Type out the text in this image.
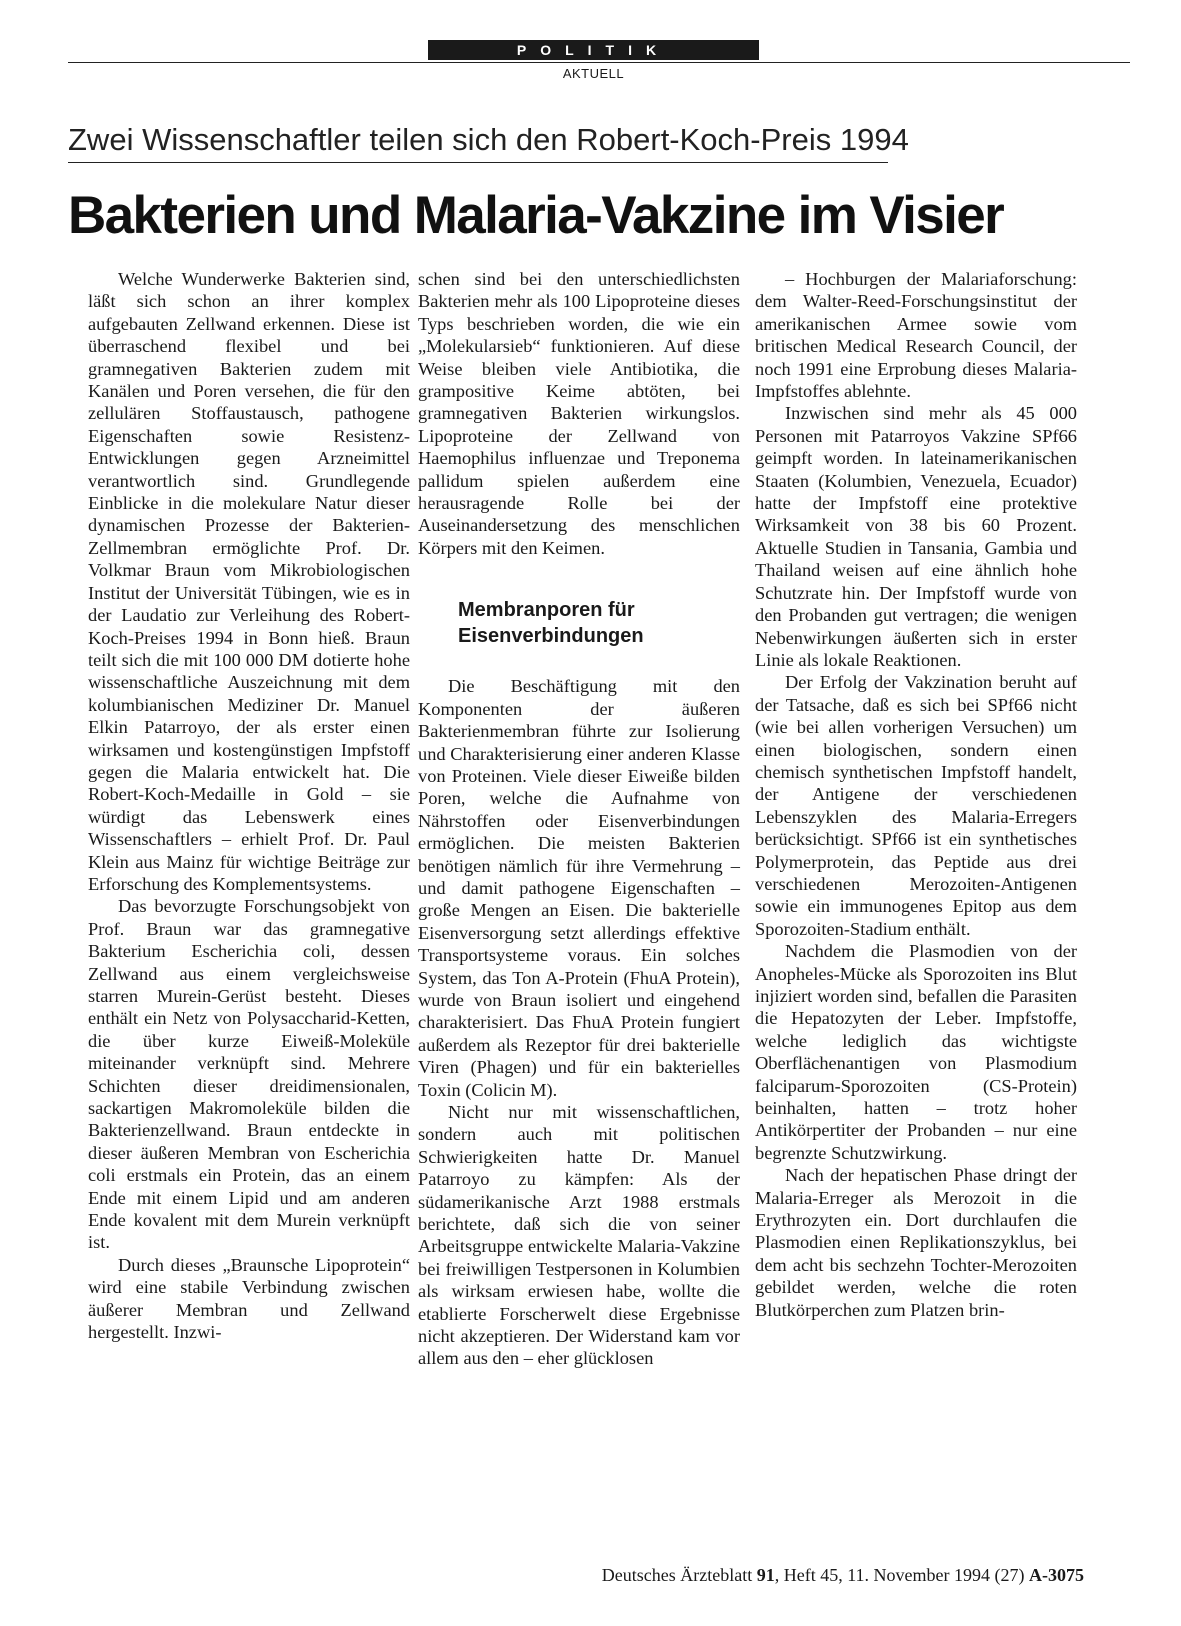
POLITIK
AKTUELL
Zwei Wissenschaftler teilen sich den Robert-Koch-Preis 1994
Bakterien und Malaria-Vakzine im Visier

Welche Wunderwerke Bakterien sind, läßt sich schon an ihrer komplex aufgebauten Zellwand erkennen. Diese ist überraschend flexibel und bei gramnegativen Bakterien zudem mit Kanälen und Poren versehen, die für den zellulären Stoffaustausch, pathogene Eigenschaften sowie Resistenz-Entwicklungen gegen Arzneimittel verantwortlich sind. Grundlegende Einblicke in die molekulare Natur dieser dynamischen Prozesse der Bakterien-Zellmembran ermöglichte Prof. Dr. Volkmar Braun vom Mikrobiologischen Institut der Universität Tübingen, wie es in der Laudatio zur Verleihung des Robert-Koch-Preises 1994 in Bonn hieß. Braun teilt sich die mit 100 000 DM dotierte hohe wissenschaftliche Auszeichnung mit dem kolumbianischen Mediziner Dr. Manuel Elkin Patarroyo, der als erster einen wirksamen und kostengünstigen Impfstoff gegen die Malaria entwickelt hat. Die Robert-Koch-Medaille in Gold – sie würdigt das Lebenswerk eines Wissenschaftlers – erhielt Prof. Dr. Paul Klein aus Mainz für wichtige Beiträge zur Erforschung des Komplementsystems.

Das bevorzugte Forschungsobjekt von Prof. Braun war das gramnegative Bakterium Escherichia coli, dessen Zellwand aus einem vergleichsweise starren Murein-Gerüst besteht. Dieses enthält ein Netz von Polysaccharid-Ketten, die über kurze Eiweiß-Moleküle miteinander verknüpft sind. Mehrere Schichten dieser dreidimensionalen, sackartigen Makromoleküle bilden die Bakterienzellwand. Braun entdeckte in dieser äußeren Membran von Escherichia coli erstmals ein Protein, das an einem Ende mit einem Lipid und am anderen Ende kovalent mit dem Murein verknüpft ist.

Durch dieses „Braunsche Lipoprotein“ wird eine stabile Verbindung zwischen äußerer Membran und Zellwand hergestellt. Inzwi-

schen sind bei den unterschiedlichsten Bakterien mehr als 100 Lipoproteine dieses Typs beschrieben worden, die wie ein „Molekularsieb“ funktionieren. Auf diese Weise bleiben viele Antibiotika, die grampositive Keime abtöten, bei gramnegativen Bakterien wirkungslos. Lipoproteine der Zellwand von Haemophilus influenzae und Treponema pallidum spielen außerdem eine herausragende Rolle bei der Auseinandersetzung des menschlichen Körpers mit den Keimen.

Membranporen für Eisenverbindungen

Die Beschäftigung mit den Komponenten der äußeren Bakterienmembran führte zur Isolierung und Charakterisierung einer anderen Klasse von Proteinen. Viele dieser Eiweiße bilden Poren, welche die Aufnahme von Nährstoffen oder Eisenverbindungen ermöglichen. Die meisten Bakterien benötigen nämlich für ihre Vermehrung – und damit pathogene Eigenschaften – große Mengen an Eisen. Die bakterielle Eisenversorgung setzt allerdings effektive Transportsysteme voraus. Ein solches System, das Ton A-Protein (FhuA Protein), wurde von Braun isoliert und eingehend charakterisiert. Das FhuA Protein fungiert außerdem als Rezeptor für drei bakterielle Viren (Phagen) und für ein bakterielles Toxin (Colicin M).

Nicht nur mit wissenschaftlichen, sondern auch mit politischen Schwierigkeiten hatte Dr. Manuel Patarroyo zu kämpfen: Als der südamerikanische Arzt 1988 erstmals berichtete, daß sich die von seiner Arbeitsgruppe entwickelte Malaria-Vakzine bei freiwilligen Testpersonen in Kolumbien als wirksam erwiesen habe, wollte die etablierte Forscherwelt diese Ergebnisse nicht akzeptieren. Der Widerstand kam vor allem aus den – eher glücklosen

– Hochburgen der Malariaforschung: dem Walter-Reed-Forschungsinstitut der amerikanischen Armee sowie vom britischen Medical Research Council, der noch 1991 eine Erprobung dieses Malaria-Impfstoffes ablehnte.

Inzwischen sind mehr als 45 000 Personen mit Patarroyos Vakzine SPf66 geimpft worden. In lateinamerikanischen Staaten (Kolumbien, Venezuela, Ecuador) hatte der Impfstoff eine protektive Wirksamkeit von 38 bis 60 Prozent. Aktuelle Studien in Tansania, Gambia und Thailand weisen auf eine ähnlich hohe Schutzrate hin. Der Impfstoff wurde von den Probanden gut vertragen; die wenigen Nebenwirkungen äußerten sich in erster Linie als lokale Reaktionen.

Der Erfolg der Vakzination beruht auf der Tatsache, daß es sich bei SPf66 nicht (wie bei allen vorherigen Versuchen) um einen biologischen, sondern einen chemisch synthetischen Impfstoff handelt, der Antigene der verschiedenen Lebenszyklen des Malaria-Erregers berücksichtigt. SPf66 ist ein synthetisches Polymerprotein, das Peptide aus drei verschiedenen Merozoiten-Antigenen sowie ein immunogenes Epitop aus dem Sporozoiten-Stadium enthält.

Nachdem die Plasmodien von der Anopheles-Mücke als Sporozoiten ins Blut injiziert worden sind, befallen die Parasiten die Hepatozyten der Leber. Impfstoffe, welche lediglich das wichtigste Oberflächenantigen von Plasmodium falciparum-Sporozoiten (CS-Protein) beinhalten, hatten – trotz hoher Antikörpertiter der Probanden – nur eine begrenzte Schutzwirkung.

Nach der hepatischen Phase dringt der Malaria-Erreger als Merozoit in die Erythrozyten ein. Dort durchlaufen die Plasmodien einen Replikationszyklus, bei dem acht bis sechzehn Tochter-Merozoiten gebildet werden, welche die roten Blutkörperchen zum Platzen brin-

Deutsches Ärzteblatt 91, Heft 45, 11. November 1994 (27) A-3075
